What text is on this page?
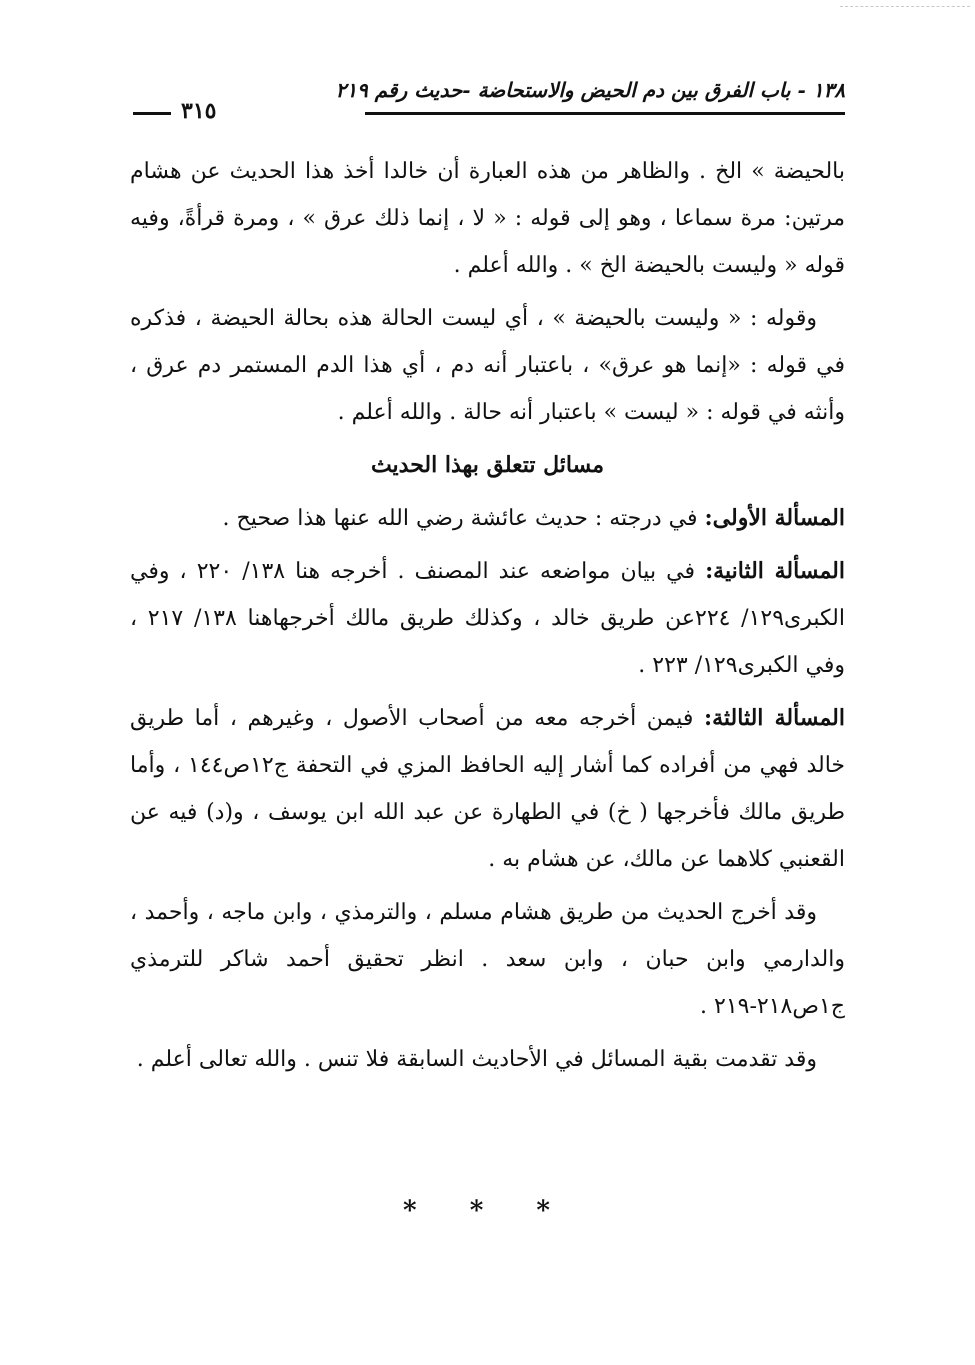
١٣٨ - باب الفرق بين دم الحيض والاستحاضة -حديث رقم ٢١٩
٣١٥

بالحيضة » الخ . والظاهر من هذه العبارة أن خالدا أخذ هذا الحديث عن هشام مرتين: مرة سماعا ، وهو إلى قوله : « لا ، إنما ذلك عرق » ، ومرة قرأةً، وفيه قوله « وليست بالحيضة الخ » . والله أعلم .

وقوله : « وليست بالحيضة » ، أي ليست الحالة هذه بحالة الحيضة ، فذكره في قوله : «إنما هو عرق» ، باعتبار أنه دم ، أي هذا الدم المستمر دم عرق ، وأنثه في قوله : « ليست » باعتبار أنه حالة . والله أعلم .

مسائل تتعلق بهذا الحديث

المسألة الأولى: في درجته : حديث عائشة رضي الله عنها هذا صحيح .

المسألة الثانية: في بيان مواضعه عند المصنف . أخرجه هنا ١٣٨/ ٢٢٠ ، وفي الكبرى١٢٩/ ٢٢٤عن طريق خالد ، وكذلك طريق مالك أخرجهاهنا ١٣٨/ ٢١٧ ، وفي الكبرى١٢٩/ ٢٢٣ .

المسألة الثالثة: فيمن أخرجه معه من أصحاب الأصول ، وغيرهم ، أما طريق خالد فهي من أفراده كما أشار إليه الحافظ المزي في التحفة ج١٢ص١٤٤ ، وأما طريق مالك فأخرجها ( خ) في الطهارة عن عبد الله ابن يوسف ، و(د) فيه عن القعنبي كلاهما عن مالك، عن هشام به .

وقد أخرج الحديث من طريق هشام مسلم ، والترمذي ، وابن ماجه ، وأحمد ، والدارمي وابن حبان ، وابن سعد . انظر تحقيق أحمد شاكر للترمذي ج١ص٢١٨-٢١٩ .

وقد تقدمت بقية المسائل في الأحاديث السابقة فلا تنس . والله تعالى أعلم .

* * *
